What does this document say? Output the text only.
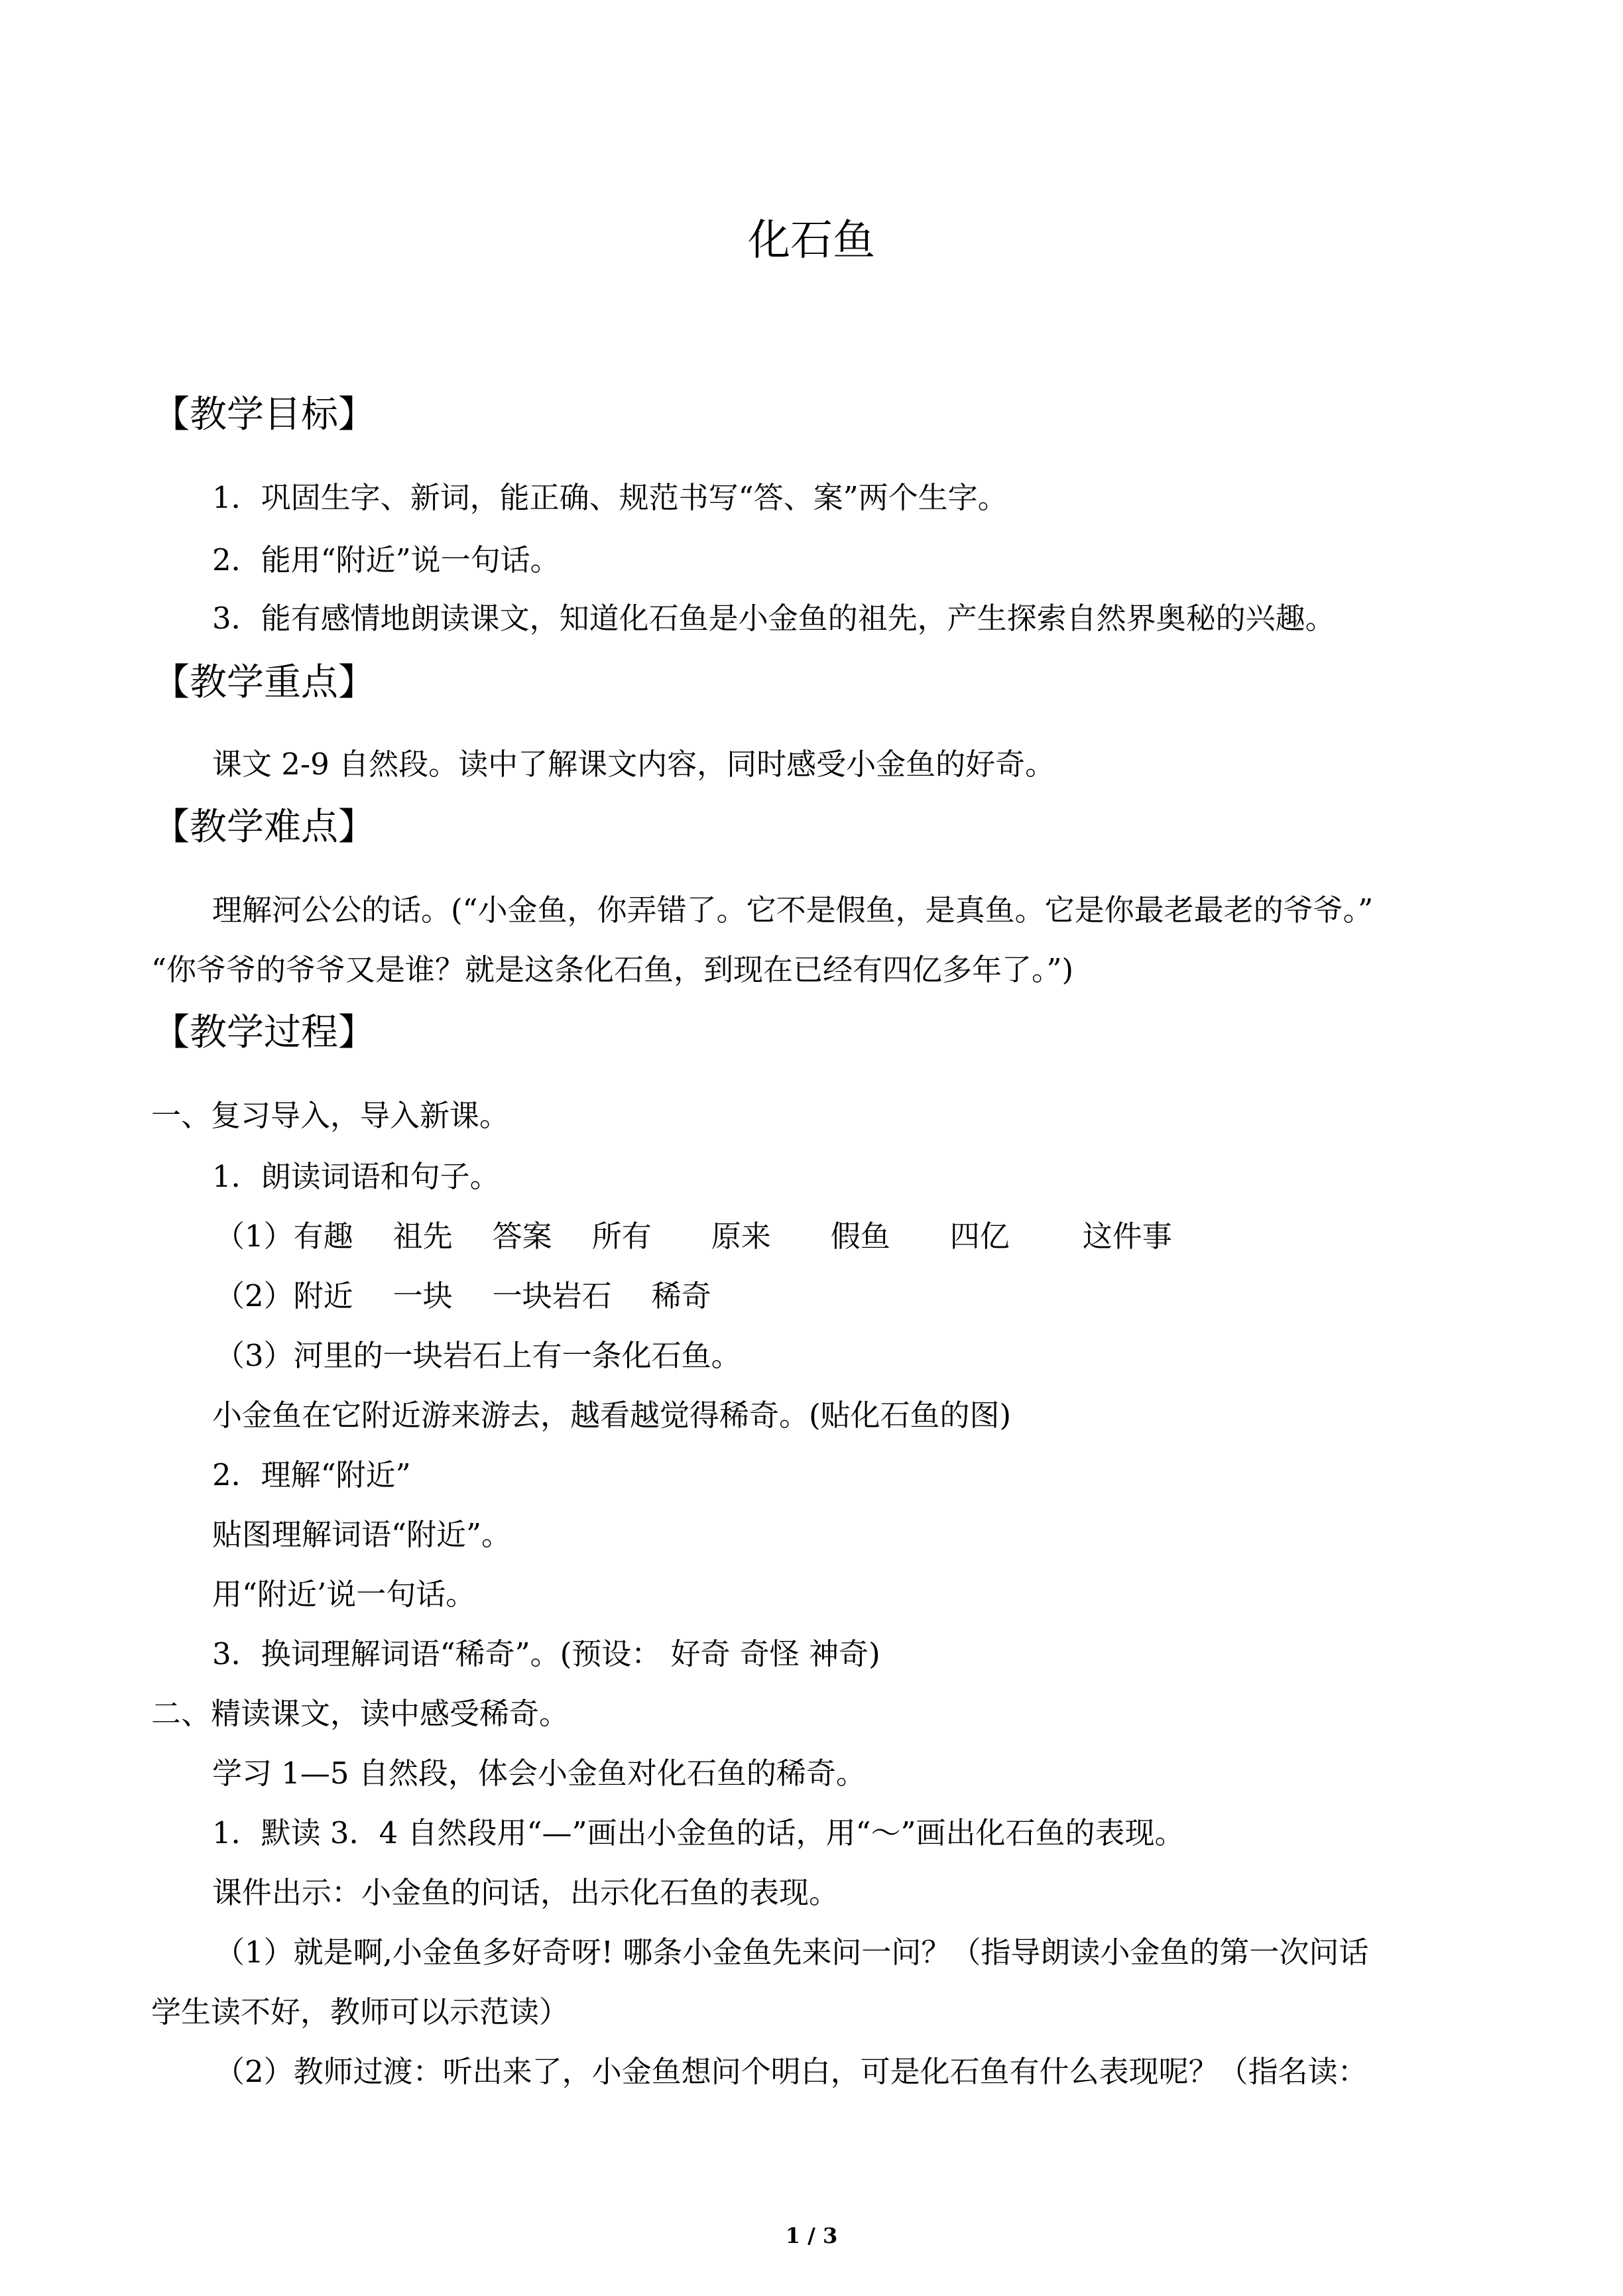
化石鱼
【教学目标】
1．巩固生字、新词，能正确、规范书写“答、案”两个生字。
2．能用“附近”说一句话。
3．能有感情地朗读课文，知道化石鱼是小金鱼的祖先，产生探索自然界奥秘的兴趣。
【教学重点】
课文 2-9 自然段。读中了解课文内容，同时感受小金鱼的好奇。
【教学难点】
理解河公公的话。(“小金鱼，你弄错了。它不是假鱼，是真鱼。它是你最老最老的爷爷。”
“你爷爷的爷爷又是谁？就是这条化石鱼，到现在已经有四亿多年了。”)
【教学过程】
一、复习导入，导入新课。
1．朗读词语和句子。
（1）有趣 祖先 答案 所有 原来 假鱼 四亿 这件事
（2）附近 一块 一块岩石 稀奇
（3）河里的一块岩石上有一条化石鱼。
小金鱼在它附近游来游去，越看越觉得稀奇。(贴化石鱼的图)
2．理解“附近”
贴图理解词语“附近”。
用“附近’说一句话。
3．换词理解词语“稀奇”。(预设： 好奇 奇怪 神奇)
二、精读课文，读中感受稀奇。
学习 1—5 自然段，体会小金鱼对化石鱼的稀奇。
1．默读 3．4 自然段用“—”画出小金鱼的话，用“～”画出化石鱼的表现。
课件出示：小金鱼的问话，出示化石鱼的表现。
（1）就是啊,小金鱼多好奇呀! 哪条小金鱼先来问一问？（指导朗读小金鱼的第一次问话
学生读不好，教师可以示范读）
（2）教师过渡：听出来了，小金鱼想问个明白，可是化石鱼有什么表现呢？（指名读：
1 / 3
